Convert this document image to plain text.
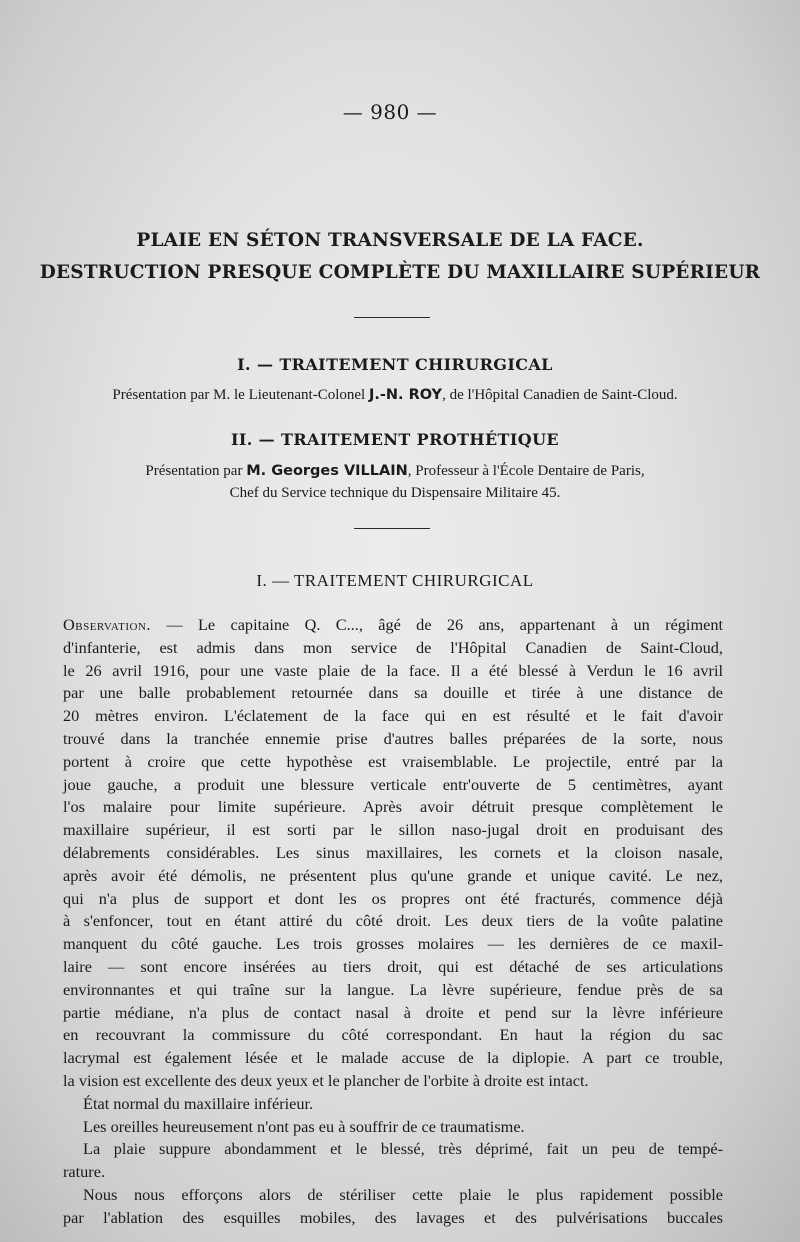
— 980 —
PLAIE EN SÉTON TRANSVERSALE DE LA FACE.
DESTRUCTION PRESQUE COMPLÈTE DU MAXILLAIRE SUPÉRIEUR
I. — TRAITEMENT CHIRURGICAL
Présentation par M. le Lieutenant-Colonel J.-N. ROY, de l'Hôpital Canadien de Saint-Cloud.
II. — TRAITEMENT PROTHÉTIQUE
Présentation par M. Georges VILLAIN, Professeur à l'École Dentaire de Paris,
Chef du Service technique du Dispensaire Militaire 45.
I. — TRAITEMENT CHIRURGICAL
Observation. — Le capitaine Q. C..., âgé de 26 ans, appartenant à un régiment
d'infanterie, est admis dans mon service de l'Hôpital Canadien de Saint-Cloud,
le 26 avril 1916, pour une vaste plaie de la face. Il a été blessé à Verdun le 16 avril
par une balle probablement retournée dans sa douille et tirée à une distance de
20 mètres environ. L'éclatement de la face qui en est résulté et le fait d'avoir
trouvé dans la tranchée ennemie prise d'autres balles préparées de la sorte, nous
portent à croire que cette hypothèse est vraisemblable. Le projectile, entré par la
joue gauche, a produit une blessure verticale entr'ouverte de 5 centimètres, ayant
l'os malaire pour limite supérieure. Après avoir détruit presque complètement le
maxillaire supérieur, il est sorti par le sillon naso-jugal droit en produisant des
délabrements considérables. Les sinus maxillaires, les cornets et la cloison nasale,
après avoir été démolis, ne présentent plus qu'une grande et unique cavité. Le nez,
qui n'a plus de support et dont les os propres ont été fracturés, commence déjà
à s'enfoncer, tout en étant attiré du côté droit. Les deux tiers de la voûte palatine
manquent du côté gauche. Les trois grosses molaires — les dernières de ce maxil-
laire — sont encore insérées au tiers droit, qui est détaché de ses articulations
environnantes et qui traîne sur la langue. La lèvre supérieure, fendue près de sa
partie médiane, n'a plus de contact nasal à droite et pend sur la lèvre inférieure
en recouvrant la commissure du côté correspondant. En haut la région du sac
lacrymal est également lésée et le malade accuse de la diplopie. A part ce trouble,
la vision est excellente des deux yeux et le plancher de l'orbite à droite est intact.
État normal du maxillaire inférieur.
Les oreilles heureusement n'ont pas eu à souffrir de ce traumatisme.
La plaie suppure abondamment et le blessé, très déprimé, fait un peu de tempé-
rature.
Nous nous efforçons alors de stériliser cette plaie le plus rapidement possible
par l'ablation des esquilles mobiles, des lavages et des pulvérisations buccales
